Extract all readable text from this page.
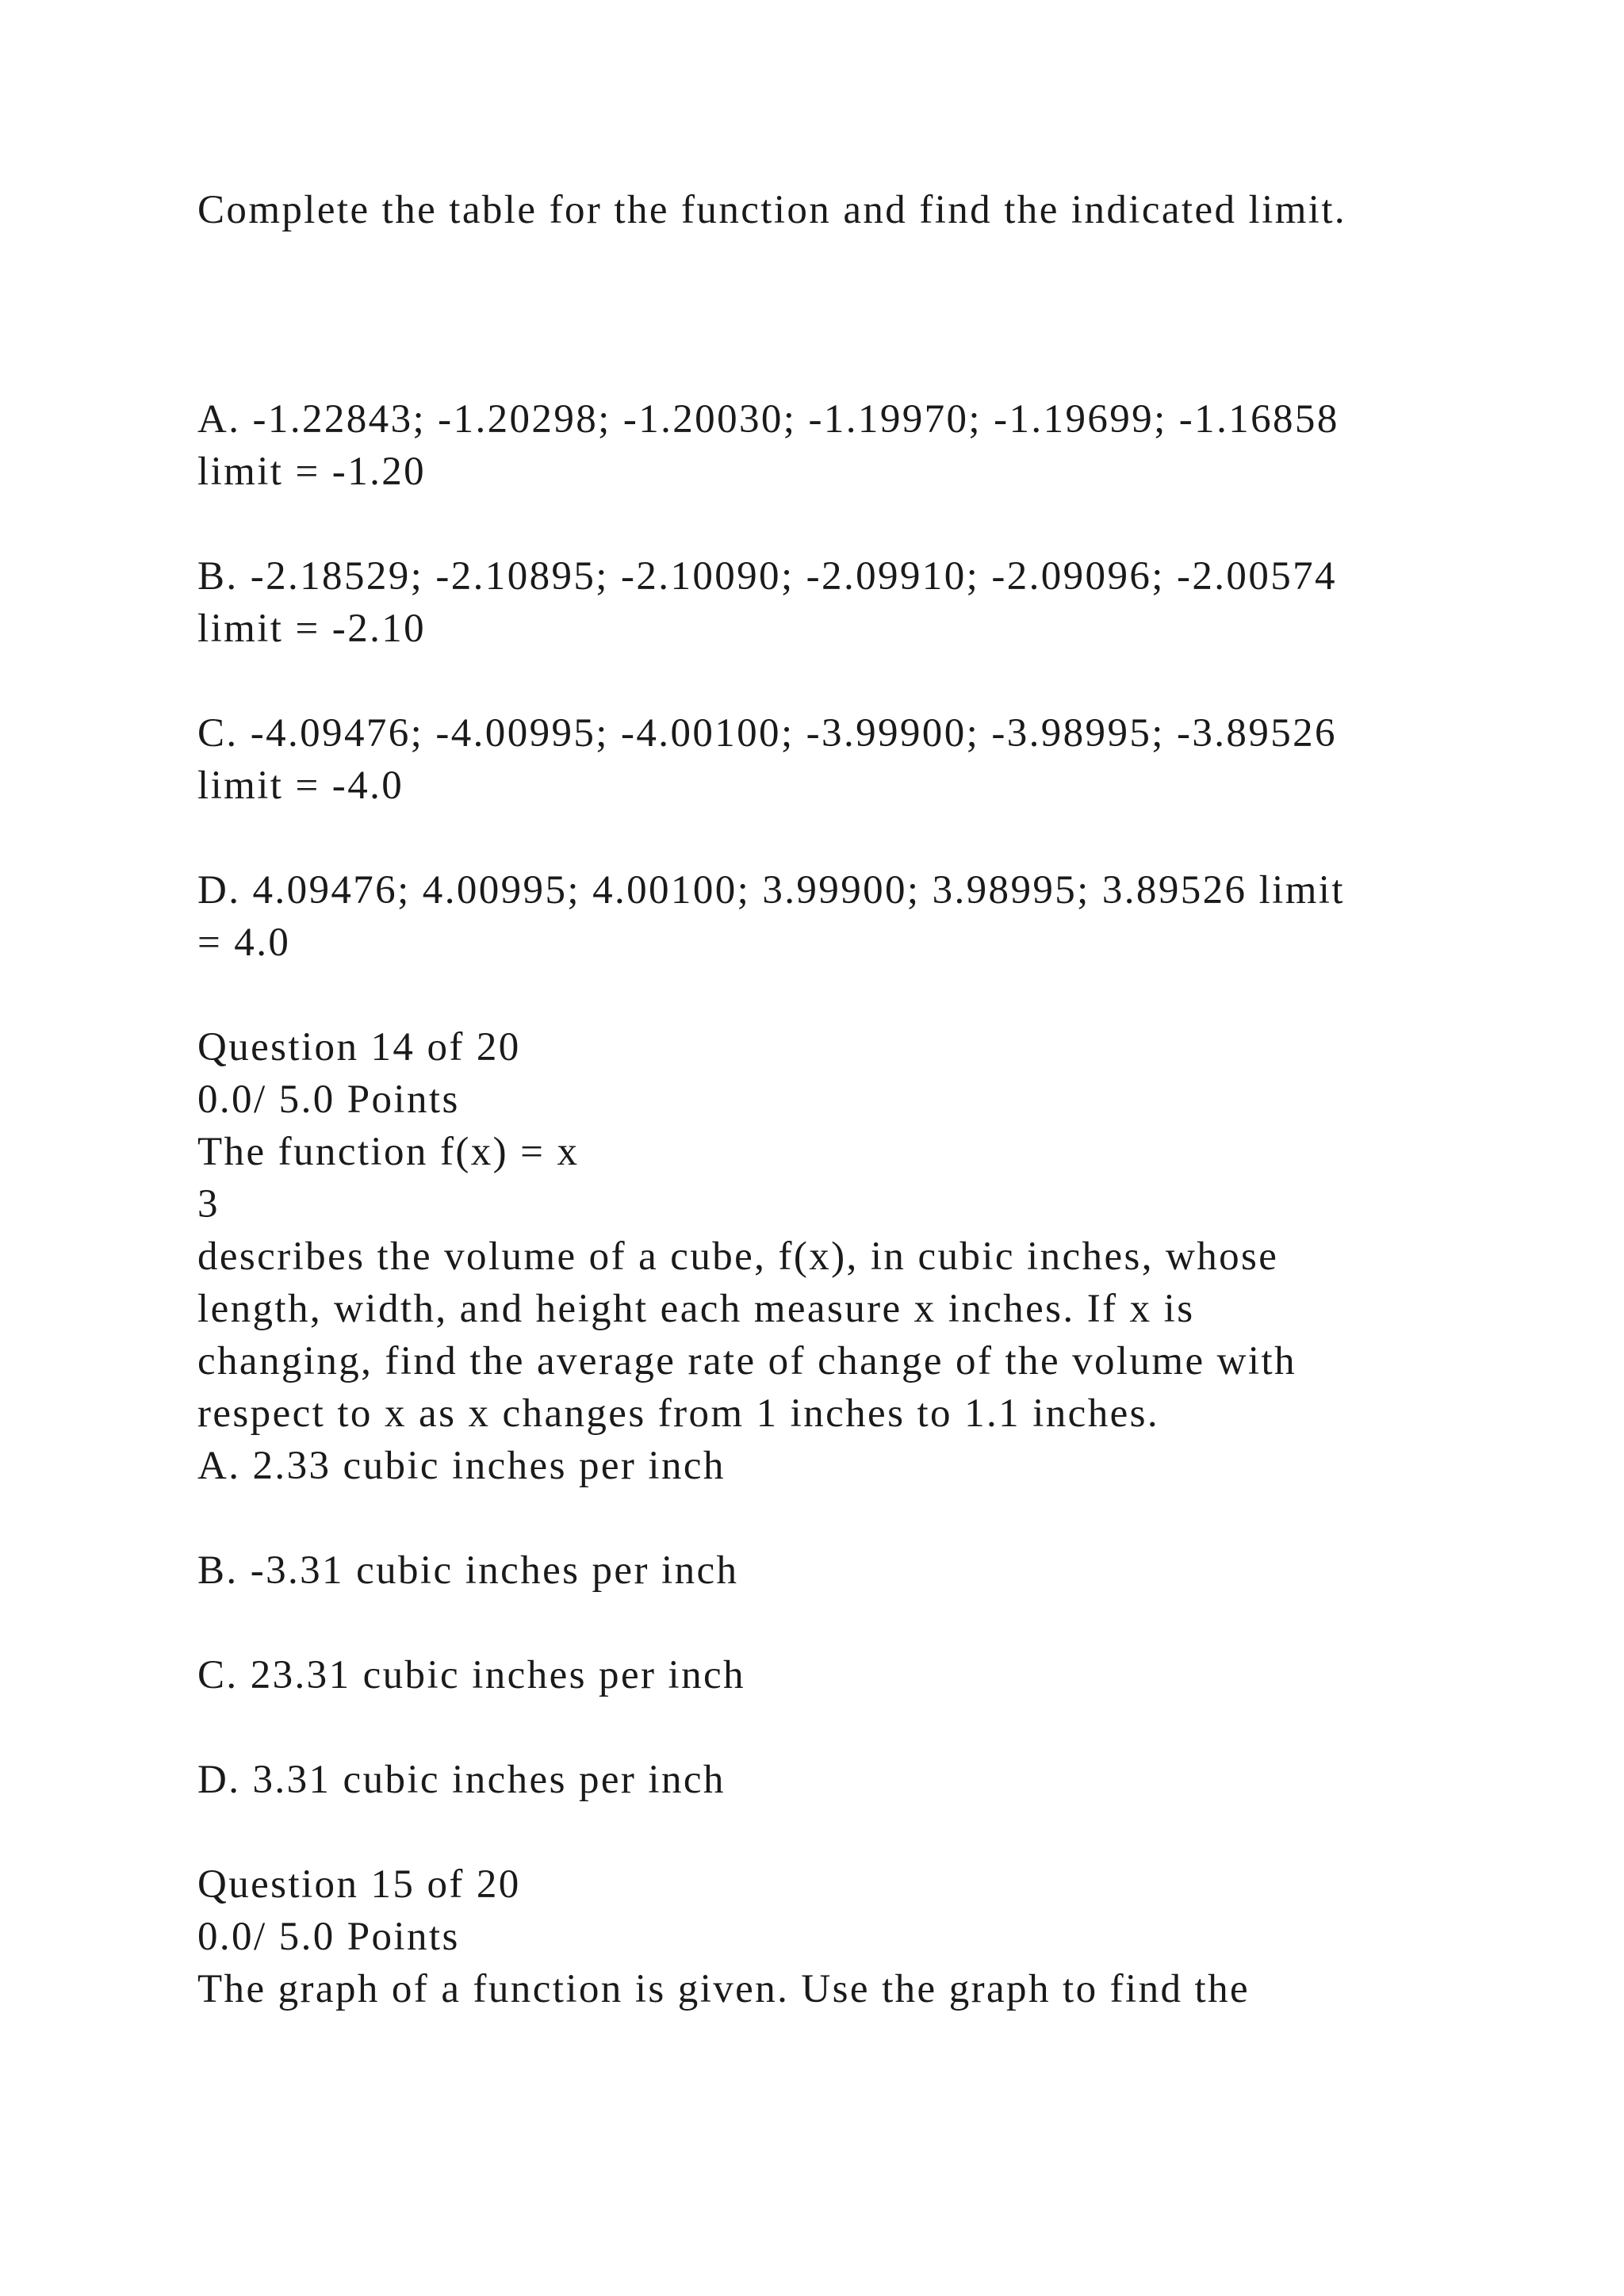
Complete the table for the function and find the indicated limit.
A. -1.22843; -1.20298; -1.20030; -1.19970; -1.19699; -1.16858
limit = -1.20
B. -2.18529; -2.10895; -2.10090; -2.09910; -2.09096; -2.00574
limit = -2.10
C. -4.09476; -4.00995; -4.00100; -3.99900; -3.98995; -3.89526
limit = -4.0
D. 4.09476; 4.00995; 4.00100; 3.99900; 3.98995; 3.89526 limit
= 4.0
Question 14 of 20
0.0/ 5.0 Points
The function f(x) = x
3
describes the volume of a cube, f(x), in cubic inches, whose
length, width, and height each measure x inches. If x is
changing, find the average rate of change of the volume with
respect to x as x changes from 1 inches to 1.1 inches.
A. 2.33 cubic inches per inch
B. -3.31 cubic inches per inch
C. 23.31 cubic inches per inch
D. 3.31 cubic inches per inch
Question 15 of 20
0.0/ 5.0 Points
The graph of a function is given. Use the graph to find the
